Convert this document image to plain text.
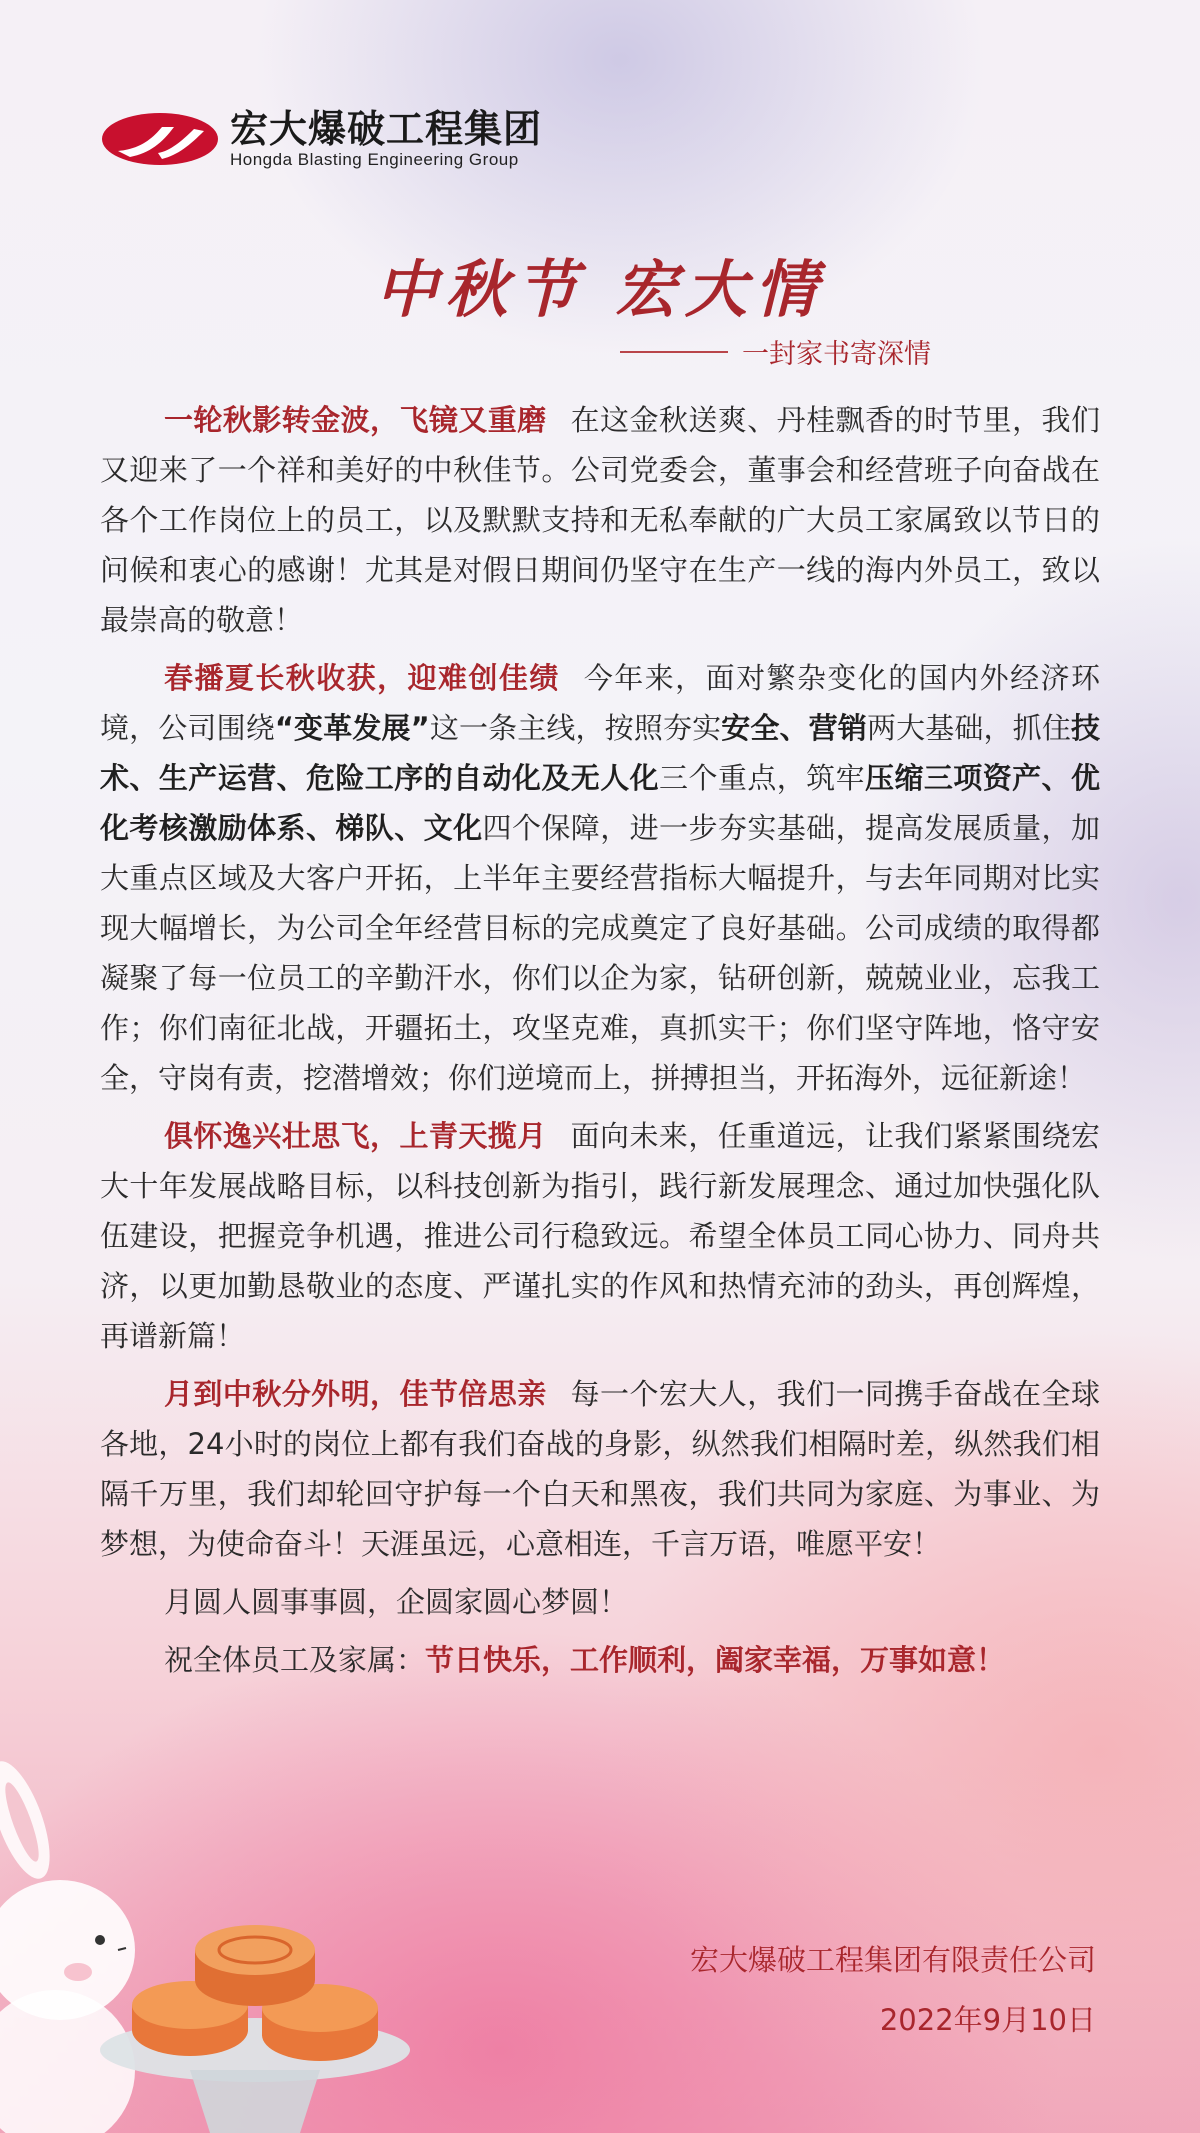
宏大爆破工程集团
Hongda Blasting Engineering Group
中秋节 宏大情
一封家书寄深情

一轮秋影转金波，飞镜又重磨 在这金秋送爽、丹桂飘香的时节里，我们又迎来了一个祥和美好的中秋佳节。公司党委会，董事会和经营班子向奋战在各个工作岗位上的员工，以及默默支持和无私奉献的广大员工家属致以节日的问候和衷心的感谢！尤其是对假日期间仍坚守在生产一线的海内外员工，致以最崇高的敬意！

春播夏长秋收获，迎难创佳绩 今年来，面对繁杂变化的国内外经济环境，公司围绕“变革发展”这一条主线，按照夯实安全、营销两大基础，抓住技术、生产运营、危险工序的自动化及无人化三个重点，筑牢压缩三项资产、优化考核激励体系、梯队、文化四个保障，进一步夯实基础，提高发展质量，加大重点区域及大客户开拓，上半年主要经营指标大幅提升，与去年同期对比实现大幅增长，为公司全年经营目标的完成奠定了良好基础。公司成绩的取得都凝聚了每一位员工的辛勤汗水，你们以企为家，钻研创新，兢兢业业，忘我工作；你们南征北战，开疆拓土，攻坚克难，真抓实干；你们坚守阵地，恪守安全，守岗有责，挖潜增效；你们逆境而上，拼搏担当，开拓海外，远征新途！

俱怀逸兴壮思飞，上青天揽月 面向未来，任重道远，让我们紧紧围绕宏大十年发展战略目标，以科技创新为指引，践行新发展理念、通过加快强化队伍建设，把握竞争机遇，推进公司行稳致远。希望全体员工同心协力、同舟共济，以更加勤恳敬业的态度、严谨扎实的作风和热情充沛的劲头，再创辉煌，再谱新篇！

月到中秋分外明，佳节倍思亲 每一个宏大人，我们一同携手奋战在全球各地，24小时的岗位上都有我们奋战的身影，纵然我们相隔时差，纵然我们相隔千万里，我们却轮回守护每一个白天和黑夜，我们共同为家庭、为事业、为梦想，为使命奋斗！天涯虽远，心意相连，千言万语，唯愿平安！

月圆人圆事事圆，企圆家圆心梦圆！

祝全体员工及家属：节日快乐，工作顺利，阖家幸福，万事如意！

宏大爆破工程集团有限责任公司
2022年9月10日
